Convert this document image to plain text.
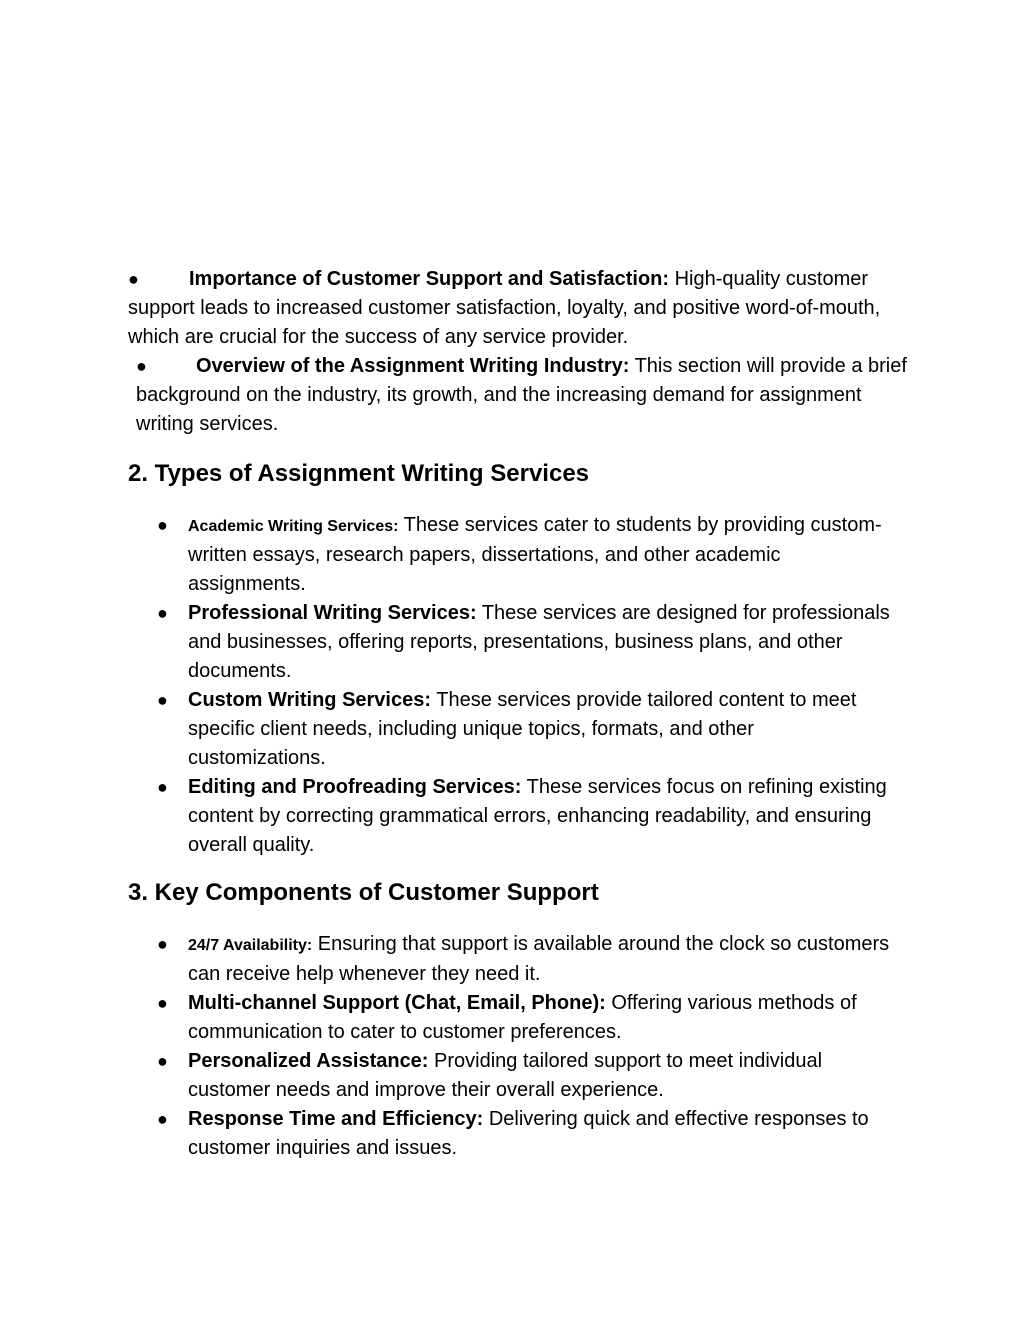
●	Importance of Customer Support and Satisfaction: High-quality customer support leads to increased customer satisfaction, loyalty, and positive word-of-mouth, which are crucial for the success of any service provider.
● Overview of the Assignment Writing Industry: This section will provide a brief background on the industry, its growth, and the increasing demand for assignment writing services.
2. Types of Assignment Writing Services
● Academic Writing Services: These services cater to students by providing custom-written essays, research papers, dissertations, and other academic assignments.
● Professional Writing Services: These services are designed for professionals and businesses, offering reports, presentations, business plans, and other documents.
● Custom Writing Services: These services provide tailored content to meet specific client needs, including unique topics, formats, and other customizations.
● Editing and Proofreading Services: These services focus on refining existing content by correcting grammatical errors, enhancing readability, and ensuring overall quality.
3. Key Components of Customer Support
● 24/7 Availability: Ensuring that support is available around the clock so customers can receive help whenever they need it.
● Multi-channel Support (Chat, Email, Phone): Offering various methods of communication to cater to customer preferences.
● Personalized Assistance: Providing tailored support to meet individual customer needs and improve their overall experience.
● Response Time and Efficiency: Delivering quick and effective responses to customer inquiries and issues.
